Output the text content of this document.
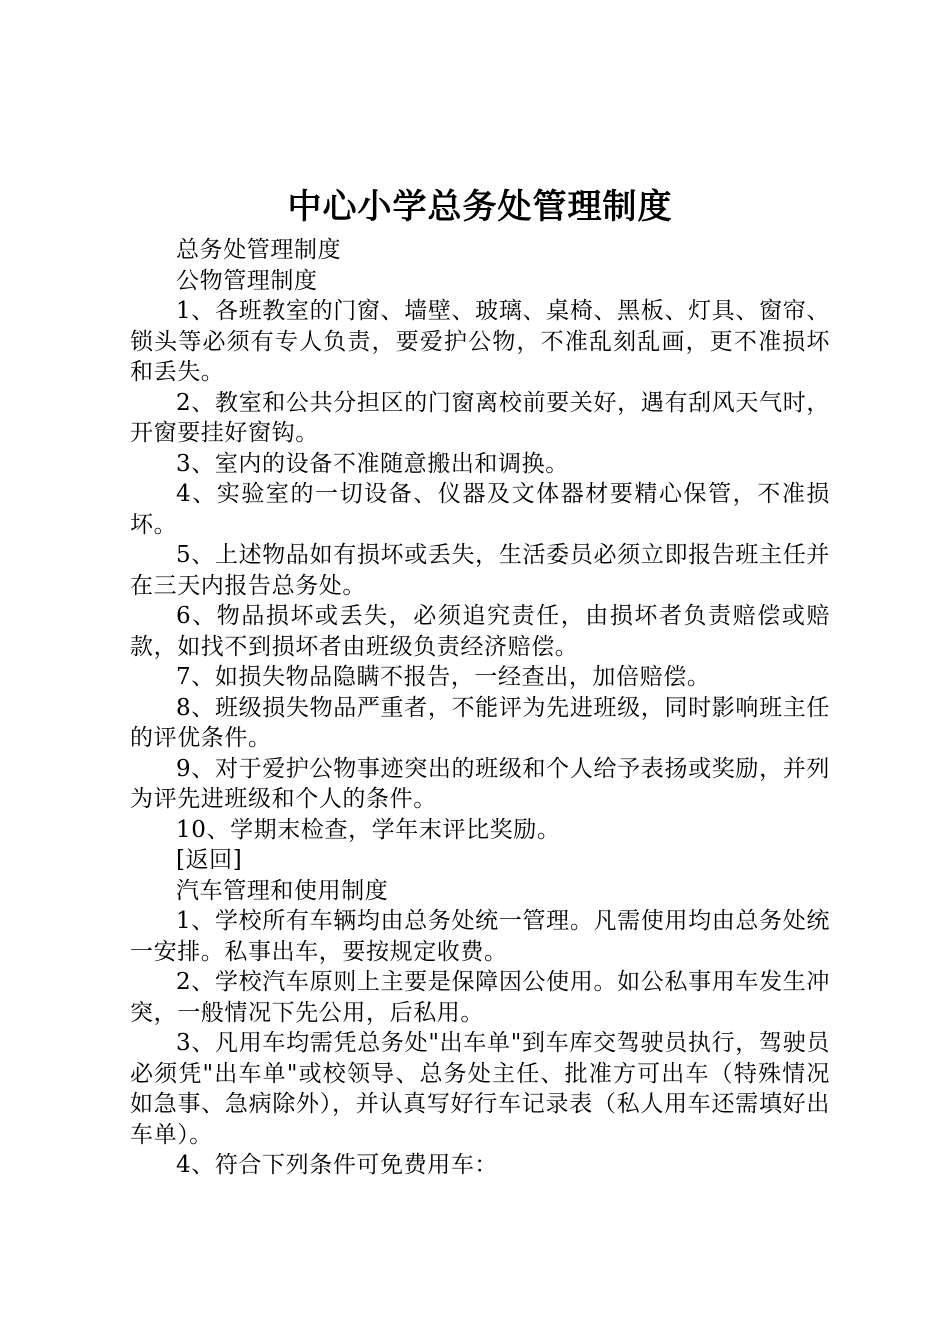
中心小学总务处管理制度

总务处管理制度

公物管理制度

1、各班教室的门窗、墙壁、玻璃、桌椅、黑板、灯具、窗帘、锁头等必须有专人负责，要爱护公物，不准乱刻乱画，更不准损坏和丢失。

2、教室和公共分担区的门窗离校前要关好，遇有刮风天气时，开窗要挂好窗钩。

3、室内的设备不准随意搬出和调换。

4、实验室的一切设备、仪器及文体器材要精心保管，不准损坏。

5、上述物品如有损坏或丢失，生活委员必须立即报告班主任并在三天内报告总务处。

6、物品损坏或丢失，必须追究责任，由损坏者负责赔偿或赔款，如找不到损坏者由班级负责经济赔偿。

7、如损失物品隐瞒不报告，一经查出，加倍赔偿。

8、班级损失物品严重者，不能评为先进班级，同时影响班主任的评优条件。

9、对于爱护公物事迹突出的班级和个人给予表扬或奖励，并列为评先进班级和个人的条件。

10、学期末检查，学年末评比奖励。

[返回]

汽车管理和使用制度

1、学校所有车辆均由总务处统一管理。凡需使用均由总务处统一安排。私事出车，要按规定收费。

2、学校汽车原则上主要是保障因公使用。如公私事用车发生冲突，一般情况下先公用，后私用。

3、凡用车均需凭总务处"出车单"到车库交驾驶员执行，驾驶员必须凭"出车单"或校领导、总务处主任、批准方可出车（特殊情况如急事、急病除外），并认真写好行车记录表（私人用车还需填好出车单）。

4、符合下列条件可免费用车：
